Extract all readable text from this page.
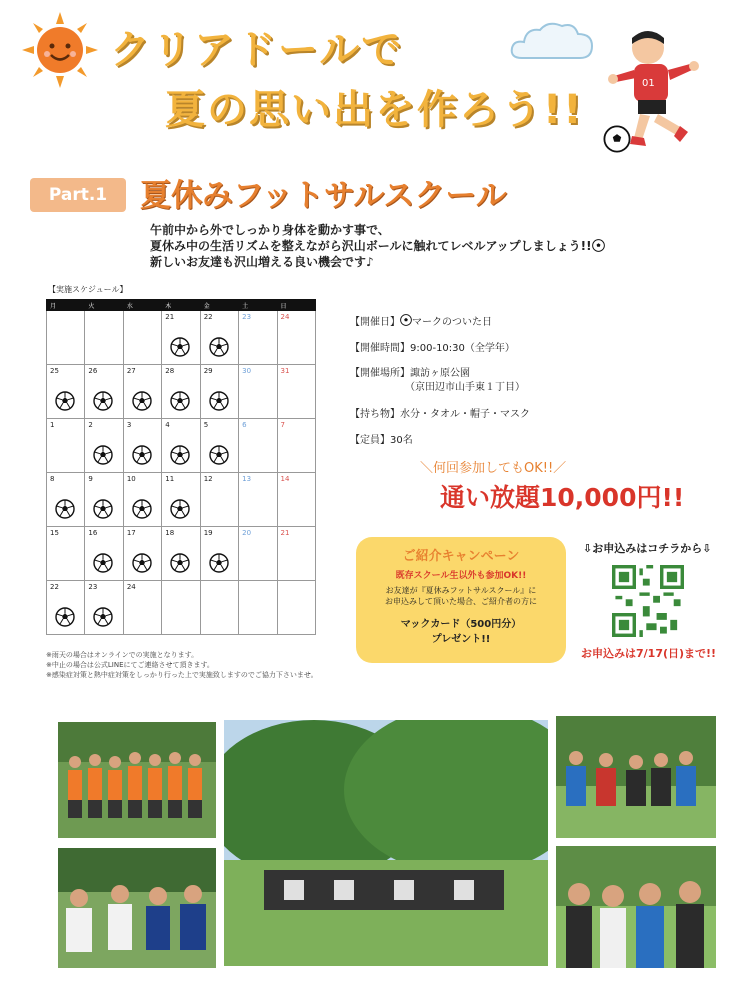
クリアドールで
夏の思い出を作ろう!!
01
Part.1	夏休みフットサルスクール
午前中から外でしっかり身体を動かす事で、
夏休み中の生活リズムを整えながら沢山ボールに触れてレベルアップしましょう!!
新しいお友達も沢山増える良い機会です♪
【実施スケジュール】
月	火	水	木	金	土	日
			21	22	23	24
25	26	27	28	29	30	31
1	2	3	4	5	6	7
8	9	10	11	12	13	14
15	16	17	18	19	20	21
22	23	24				
※雨天の場合はオンラインでの実施となります。
※中止の場合は公式LINEにてご連絡させて頂きます。
※感染症対策と熱中症対策をしっかり行った上で実施致しますのでご協力下さいませ。
【開催日】 マークのついた日
【開催時間】9:00-10:30（全学年）
【開催場所】諏訪ヶ原公園
（京田辺市山手東１丁目）
【持ち物】水分・タオル・帽子・マスク
【定員】30名
＼何回参加してもOK!!／
通い放題10,000円!!
ご紹介キャンペーン
既存スクール生以外も参加OK!!
お友達が『夏休みフットサルスクール』に
お申込みして頂いた場合、ご紹介者の方に
マックカード（500円分）
プレゼント!!
⇩お申込みはコチラから⇩
お申込みは7/17(日)まで!!
